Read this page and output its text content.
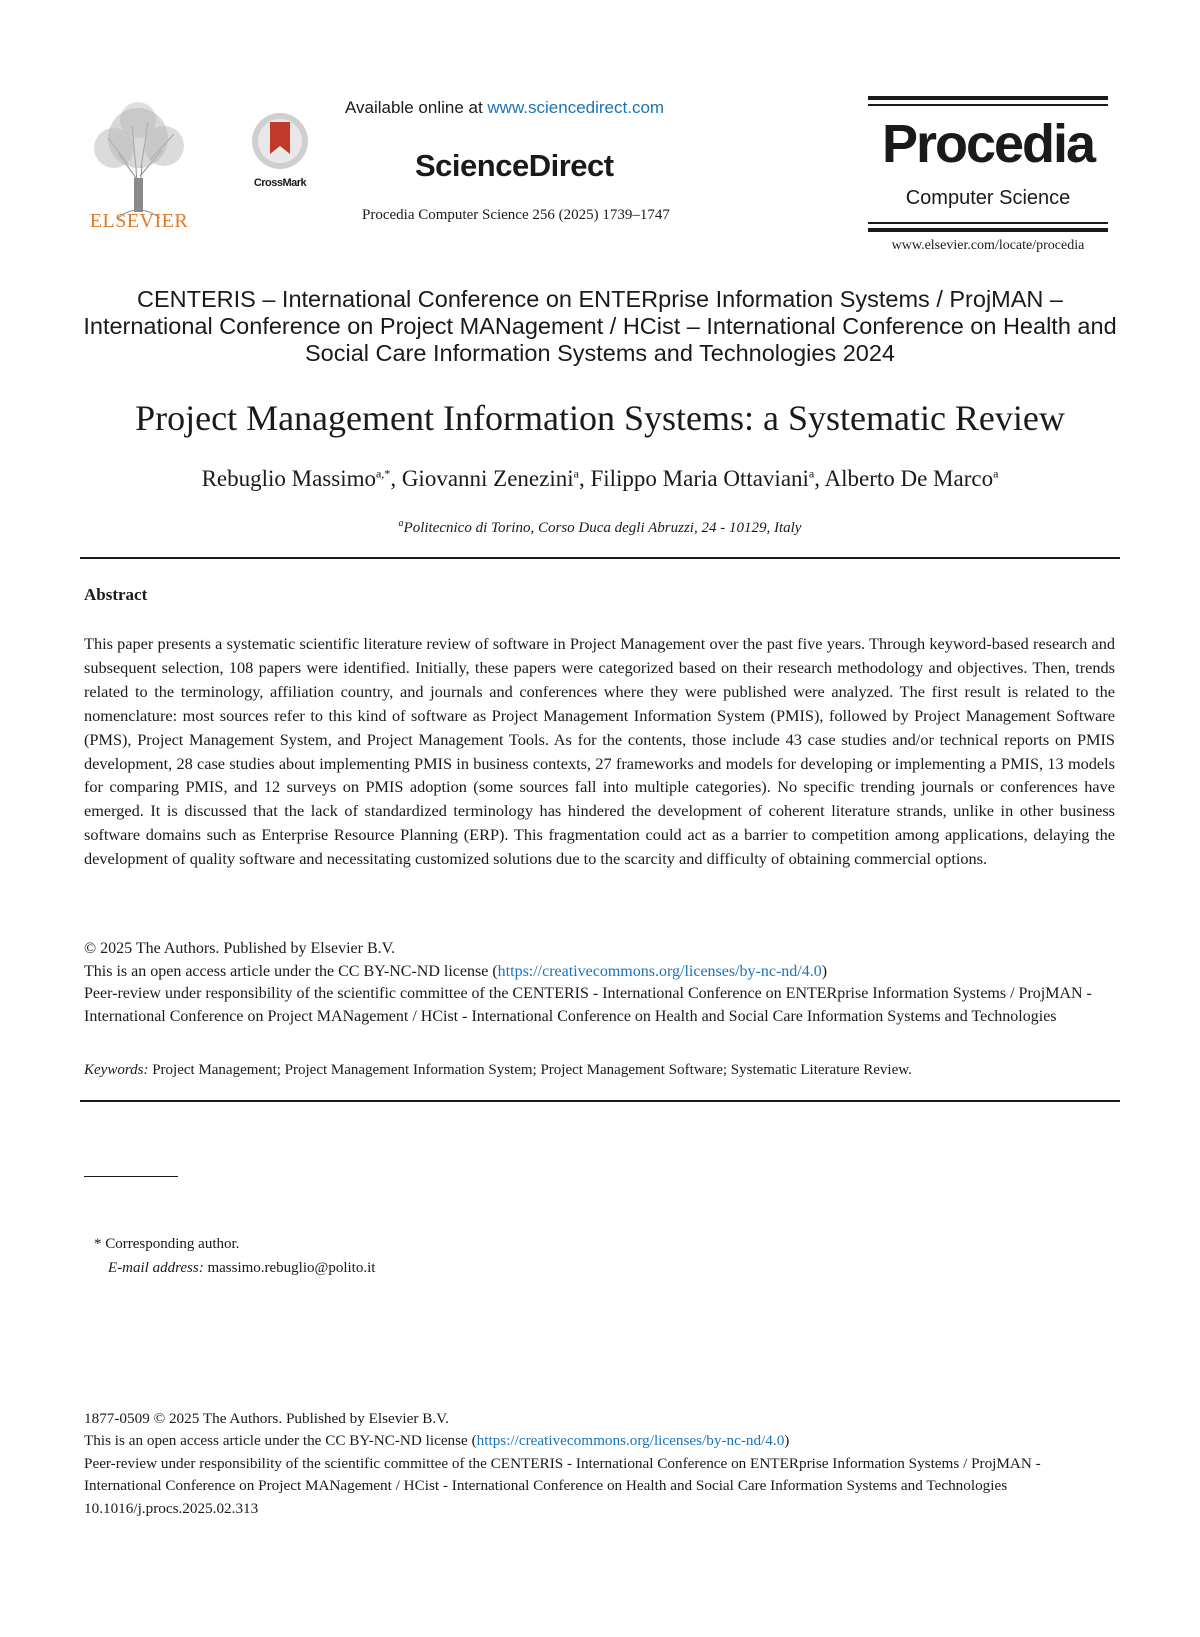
ELSEVIER
CrossMark
Available online at www.sciencedirect.com
ScienceDirect
Procedia Computer Science 256 (2025) 1739–1747
Procedia
Computer Science
www.elsevier.com/locate/procedia
CENTERIS – International Conference on ENTERprise Information Systems / ProjMAN – International Conference on Project MANagement / HCist – International Conference on Health and Social Care Information Systems and Technologies 2024
Project Management Information Systems: a Systematic Review
Rebuglio Massimo$^{a,*}$, Giovanni Zenezini$^a$, Filippo Maria Ottaviani$^a$, Alberto De Marco$^a$
$^a$Politecnico di Torino, Corso Duca degli Abruzzi, 24 - 10129, Italy
Abstract
This paper presents a systematic scientific literature review of software in Project Management over the past five years. Through keyword-based research and subsequent selection, 108 papers were identified. Initially, these papers were categorized based on their research methodology and objectives. Then, trends related to the terminology, affiliation country, and journals and conferences where they were published were analyzed. The first result is related to the nomenclature: most sources refer to this kind of software as Project Management Information System (PMIS), followed by Project Management Software (PMS), Project Management System, and Project Management Tools. As for the contents, those include 43 case studies and/or technical reports on PMIS development, 28 case studies about implementing PMIS in business contexts, 27 frameworks and models for developing or implementing a PMIS, 13 models for comparing PMIS, and 12 surveys on PMIS adoption (some sources fall into multiple categories). No specific trending journals or conferences have emerged. It is discussed that the lack of standardized terminology has hindered the development of coherent literature strands, unlike in other business software domains such as Enterprise Resource Planning (ERP). This fragmentation could act as a barrier to competition among applications, delaying the development of quality software and necessitating customized solutions due to the scarcity and difficulty of obtaining commercial options.
© 2025 The Authors. Published by Elsevier B.V.
This is an open access article under the CC BY-NC-ND license (https://creativecommons.org/licenses/by-nc-nd/4.0)
Peer-review under responsibility of the scientific committee of the CENTERIS - International Conference on ENTERprise Information Systems / ProjMAN - International Conference on Project MANagement / HCist - International Conference on Health and Social Care Information Systems and Technologies
Keywords: Project Management; Project Management Information System; Project Management Software; Systematic Literature Review.
* Corresponding author.
E-mail address: massimo.rebuglio@polito.it
1877-0509 © 2025 The Authors. Published by Elsevier B.V.
This is an open access article under the CC BY-NC-ND license (https://creativecommons.org/licenses/by-nc-nd/4.0)
Peer-review under responsibility of the scientific committee of the CENTERIS - International Conference on ENTERprise Information Systems / ProjMAN - International Conference on Project MANagement / HCist - International Conference on Health and Social Care Information Systems and Technologies
10.1016/j.procs.2025.02.313
